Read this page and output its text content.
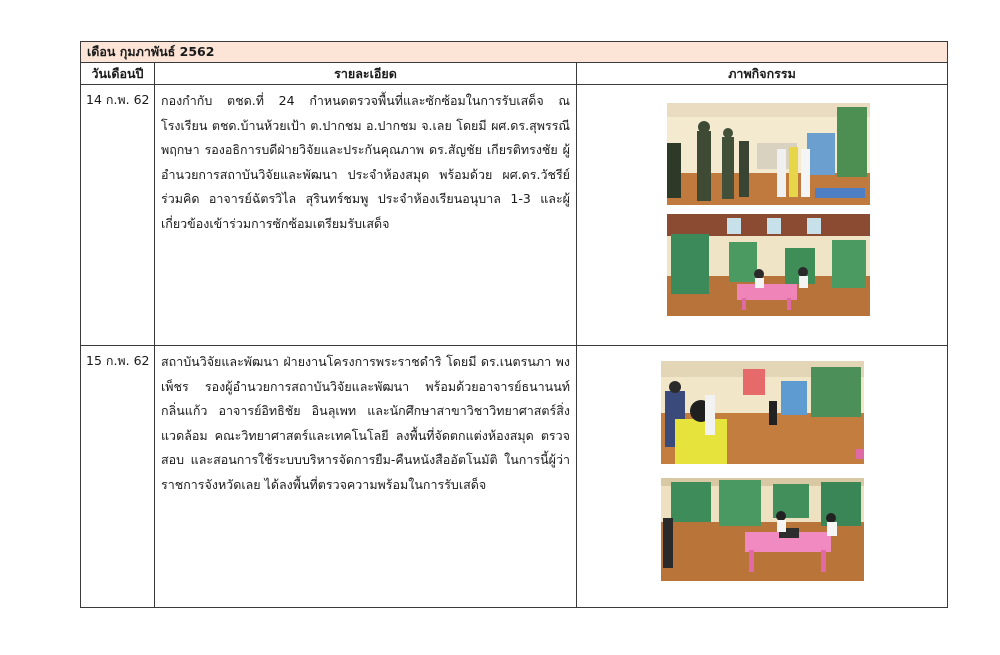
เดือน กุมภาพันธ์ 2562		
วันเดือนปี	รายละเอียด	ภาพกิจกรรม
14 ก.พ. 62	กองกำกับ ตชด.ที่ 24 กำหนดตรวจพื้นที่และซักซ้อมในการรับเสด็จ ณ โรงเรียน ตชด.บ้านห้วยเป้า ต.ปากชม อ.ปากชม จ.เลย โดยมี ผศ.ดร.สุพรรณี พฤกษา รองอธิการบดีฝ่ายวิจัยและประกันคุณภาพ ดร.สัญชัย เกียรติทรงชัย ผู้อำนวยการสถาบันวิจัยและพัฒนา ประจำห้องสมุด พร้อมด้วย ผศ.ดร.วัชรีย์ ร่วมคิด อาจารย์ฉัตรวิไล สุรินทร์ชมพู ประจำห้องเรียนอนุบาล 1-3 และผู้เกี่ยวข้องเข้าร่วมการซักซ้อมเตรียมรับเสด็จ	

15 ก.พ. 62	สถาบันวิจัยและพัฒนา ฝ่ายงานโครงการพระราชดำริ โดยมี ดร.เนตรนภา พงเพ็ชร รองผู้อำนวยการสถาบันวิจัยและพัฒนา พร้อมด้วยอาจารย์ธนานนท์ กลิ่นแก้ว อาจารย์อิทธิชัย อินลุเพท และนักศึกษาสาขาวิชาวิทยาศาสตร์สิ่งแวดล้อม คณะวิทยาศาสตร์และเทคโนโลยี ลงพื้นที่จัดตกแต่งห้องสมุด ตรวจสอบ และสอนการใช้ระบบบริหารจัดการยืม-คืนหนังสืออัตโนมัติ ในการนี้ผู้ว่าราชการจังหวัดเลย ได้ลงพื้นที่ตรวจความพร้อมในการรับเสด็จ	
